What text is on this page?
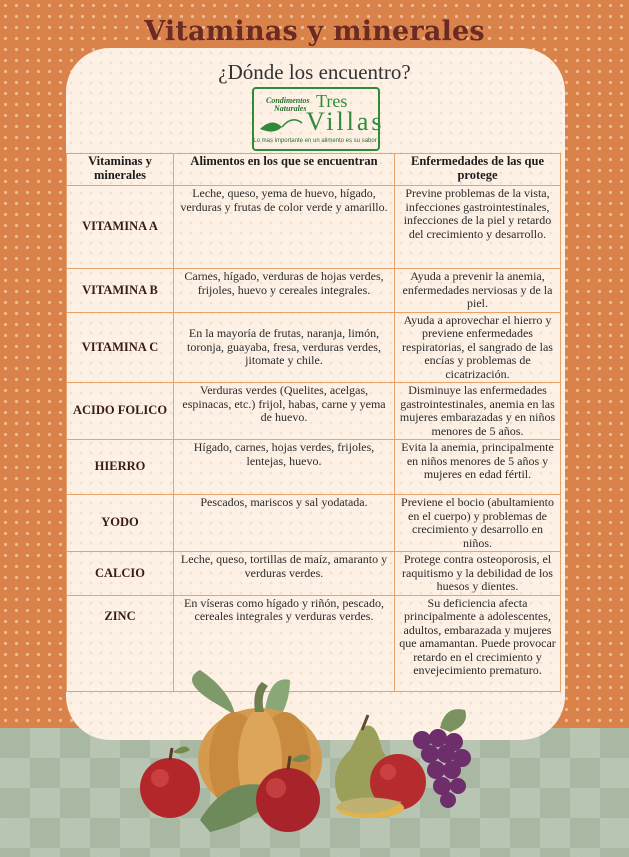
Vitaminas y minerales
¿Dónde los encuentro?
Condimentos
Naturales Tres
Villas
Lo mas importante en un alimento es su sabor
Vitaminas y minerales	Alimentos en los que se encuentran	Enfermedades de las que protege
VITAMINA A	Leche, queso, yema de huevo, hígado, verduras y frutas de color verde y amarillo.	Previne problemas de la vista, infecciones gastrointestinales, infecciones de la piel y retardo del crecimiento y desarrollo.
VITAMINA B	Carnes, hígado, verduras de hojas verdes, frijoles, huevo y cereales integrales.	Ayuda a prevenir la anemia, enfermedades nerviosas y de la piel.
VITAMINA C	En la mayoría de frutas, naranja, limón, toronja, guayaba, fresa, verduras verdes, jitomate y chile.	Ayuda a aprovechar el hierro y previene enfermedades respiratorias, el sangrado de las encías y problemas de cicatrización.
ACIDO FOLICO	Verduras verdes (Quelites, acelgas, espinacas, etc.) frijol, habas, carne y yema de huevo.	Disminuye las enfermedades gastrointestinales, anemia en las mujeres embarazadas y en niños menores de 5 años.
HIERRO	Hígado, carnes, hojas verdes, frijoles, lentejas, huevo.	Evita la anemia, principalmente en niños menores de 5 años y mujeres en edad fértil.
YODO	Pescados, mariscos y sal yodatada.	Previene el bocio (abultamiento en el cuerpo) y problemas de crecimiento y desarrollo en niños.
CALCIO	Leche, queso, tortillas de maíz, amaranto y verduras verdes.	Protege contra osteoporosis, el raquitismo y la debilidad de los huesos y dientes.
ZINC	En víseras como hígado y riñón, pescado, cereales integrales y verduras verdes.	Su deficiencia afecta principalmente a adolescentes, adultos, embarazada y mujeres que amamantan. Puede provocar retardo en el crecimiento y envejecimiento prematuro.
